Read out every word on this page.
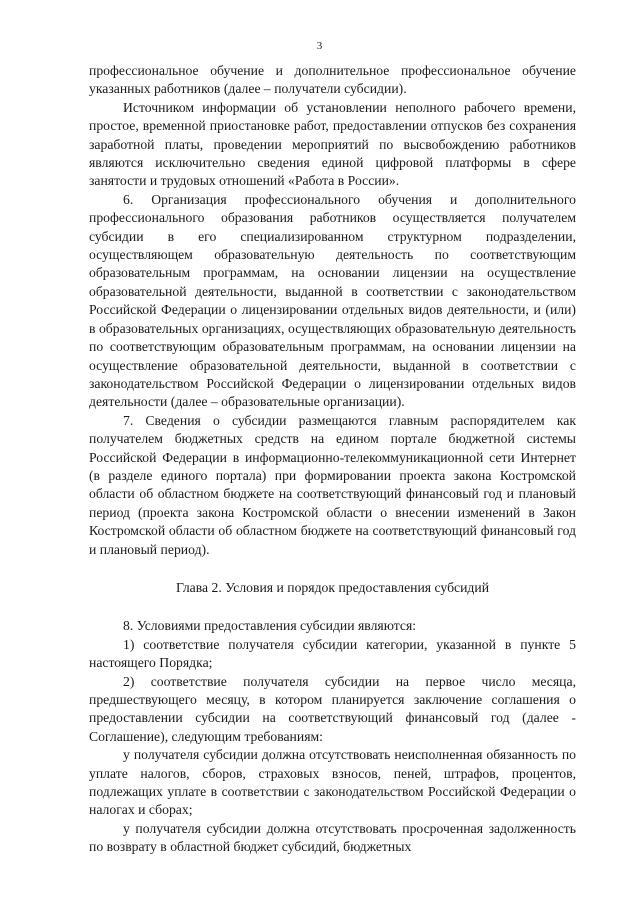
3

профессиональное обучение и дополнительное профессиональное обучение указанных работников (далее – получатели субсидии).

Источником информации об установлении неполного рабочего времени, простое, временной приостановке работ, предоставлении отпусков без сохранения заработной платы, проведении мероприятий по высвобождению работников являются исключительно сведения единой цифровой платформы в сфере занятости и трудовых отношений «Работа в России».

6. Организация профессионального обучения и дополнительного профессионального образования работников осуществляется получателем субсидии в его специализированном структурном подразделении, осуществляющем образовательную деятельность по соответствующим образовательным программам, на основании лицензии на осуществление образовательной деятельности, выданной в соответствии с законодательством Российской Федерации о лицензировании отдельных видов деятельности, и (или) в образовательных организациях, осуществляющих образовательную деятельность по соответствующим образовательным программам, на основании лицензии на осуществление образовательной деятельности, выданной в соответствии с законодательством Российской Федерации о лицензировании отдельных видов деятельности (далее – образовательные организации).

7. Сведения о субсидии размещаются главным распорядителем как получателем бюджетных средств на едином портале бюджетной системы Российской Федерации в информационно-телекоммуникационной сети Интернет (в разделе единого портала) при формировании проекта закона Костромской области об областном бюджете на соответствующий финансовый год и плановый период (проекта закона Костромской области о внесении изменений в Закон Костромской области об областном бюджете на соответствующий финансовый год и плановый период).

Глава 2. Условия и порядок предоставления субсидий

8. Условиями предоставления субсидии являются:

1) соответствие получателя субсидии категории, указанной в пункте 5 настоящего Порядка;

2) соответствие получателя субсидии на первое число месяца, предшествующего месяцу, в котором планируется заключение соглашения о предоставлении субсидии на соответствующий финансовый год (далее - Соглашение), следующим требованиям:

у получателя субсидии должна отсутствовать неисполненная обязанность по уплате налогов, сборов, страховых взносов, пеней, штрафов, процентов, подлежащих уплате в соответствии с законодательством Российской Федерации о налогах и сборах;

у получателя субсидии должна отсутствовать просроченная задолженность по возврату в областной бюджет субсидий, бюджетных
